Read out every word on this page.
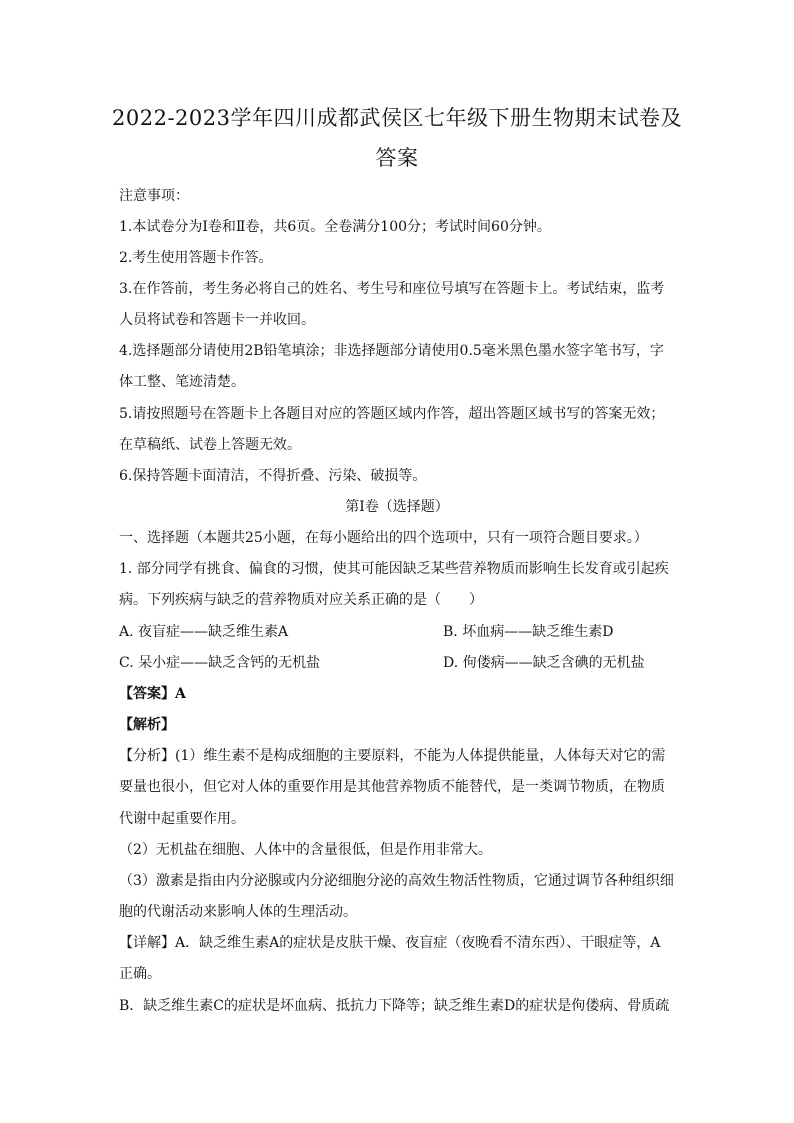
2022-2023学年四川成都武侯区七年级下册生物期末试卷及
答案
注意事项：
1.本试卷分为Ⅰ卷和Ⅱ卷，共6页。全卷满分100分；考试时间60分钟。
2.考生使用答题卡作答。
3.在作答前，考生务必将自己的姓名、考生号和座位号填写在答题卡上。考试结束，监考
人员将试卷和答题卡一并收回。
4.选择题部分请使用2B铅笔填涂；非选择题部分请使用0.5毫米黑色墨水签字笔书写，字
体工整、笔迹清楚。
5.请按照题号在答题卡上各题目对应的答题区域内作答，超出答题区域书写的答案无效；
在草稿纸、试卷上答题无效。
6.保持答题卡面清洁，不得折叠、污染、破损等。
第Ⅰ卷（选择题）
一、选择题（本题共25小题，在每小题给出的四个选项中，只有一项符合题目要求。）
1. 部分同学有挑食、偏食的习惯，使其可能因缺乏某些营养物质而影响生长发育或引起疾
病。下列疾病与缺乏的营养物质对应关系正确的是（　　）
A. 夜盲症——缺乏维生素A	B. 坏血病——缺乏维生素D
C. 呆小症——缺乏含钙的无机盐	D. 佝偻病——缺乏含碘的无机盐
【答案】A
【解析】
【分析】(1）维生素不是构成细胞的主要原料，不能为人体提供能量，人体每天对它的需
要量也很小，但它对人体的重要作用是其他营养物质不能替代，是一类调节物质，在物质
代谢中起重要作用。
（2）无机盐在细胞、人体中的含量很低，但是作用非常大。
（3）激素是指由内分泌腺或内分泌细胞分泌的高效生物活性物质，它通过调节各种组织细
胞的代谢活动来影响人体的生理活动。
【详解】A．缺乏维生素A的症状是皮肤干燥、夜盲症（夜晚看不清东西）、干眼症等，A
正确。
B．缺乏维生素C的症状是坏血病、抵抗力下降等；缺乏维生素D的症状是佝偻病、骨质疏
